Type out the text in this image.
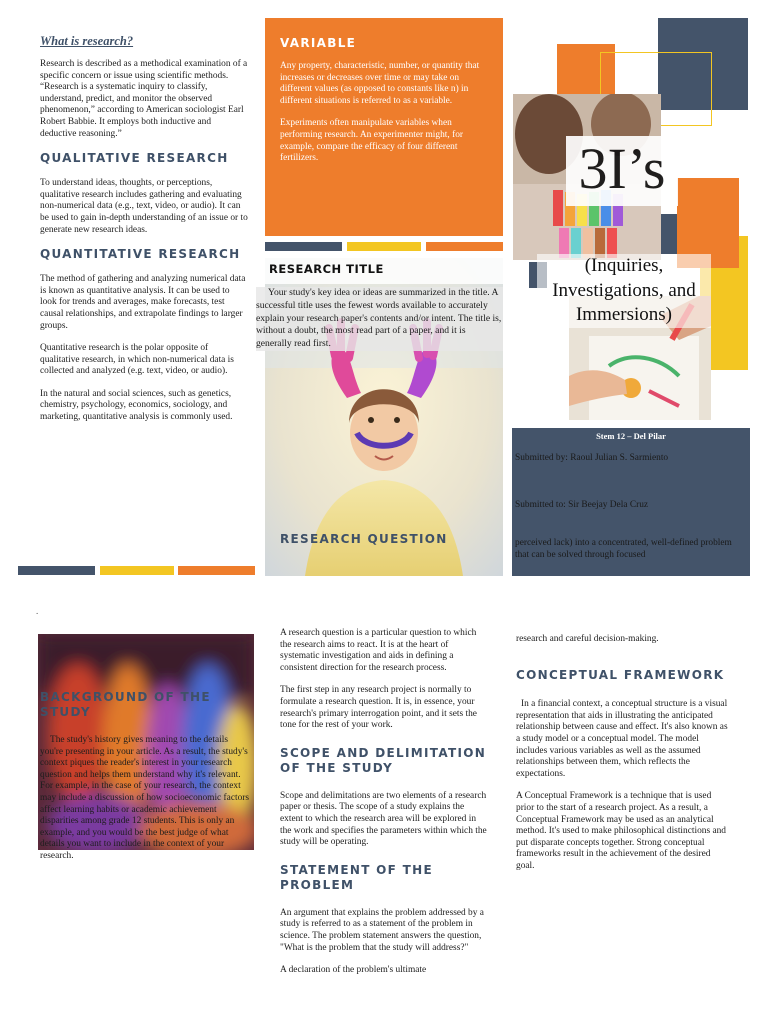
What is research?

Research is described as a methodical examination of a specific concern or issue using scientific methods. “Research is a systematic inquiry to classify, understand, predict, and monitor the observed phenomenon,” according to American sociologist Earl Robert Babbie. It employs both inductive and deductive reasoning.”

QUALITATIVE RESEARCH

To understand ideas, thoughts, or perceptions, qualitative research includes gathering and evaluating non-numerical data (e.g., text, video, or audio). It can be used to gain in-depth understanding of an issue or to generate new research ideas.

QUANTITATIVE RESEARCH

The method of gathering and analyzing numerical data is known as quantitative analysis. It can be used to look for trends and averages, make forecasts, test causal relationships, and extrapolate findings to larger groups.

Quantitative research is the polar opposite of qualitative research, in which non-numerical data is collected and analyzed (e.g. text, video, or audio).

In the natural and social sciences, such as genetics, chemistry, psychology, economics, sociology, and marketing, quantitative analysis is commonly used.

VARIABLE

Any property, characteristic, number, or quantity that increases or decreases over time or may take on different values (as opposed to constants like n) in different situations is referred to as a variable.

Experiments often manipulate variables when performing research. An experimenter might, for example, compare the efficacy of four different fertilizers.

RESEARCH TITLE

Your study's key idea or ideas are summarized in the title. A successful title uses the fewest words available to accurately explain your research paper's contents and/or intent. The title is, without a doubt, the most read part of a paper, and it is generally read first.

RESEARCH QUESTION
3I’s
(Inquiries, Investigations, and Immersions)
Stem 12 – Del Pilar
Submitted by: Raoul Julian S. Sarmiento
Submitted to: Sir Beejay Dela Cruz
perceived lack) into a concentrated, well-defined problem that can be solved through focused
.
BACKGROUND OF THE STUDY
The study's history gives meaning to the details you're presenting in your article. As a result, the study's context piques the reader's interest in your research question and helps them understand why it's relevant. For example, in the case of your research, the context may include a discussion of how socioeconomic factors affect learning habits or academic achievement disparities among grade 12 students. This is only an example, and you would be the best judge of what details you want to include in the context of your research.

A research question is a particular question to which the research aims to react. It is at the heart of systematic investigation and aids in defining a consistent direction for the research process.

The first step in any research project is normally to formulate a research question. It is, in essence, your research's primary interrogation point, and it sets the tone for the rest of your work.

SCOPE AND DELIMITATION OF THE STUDY

Scope and delimitations are two elements of a research paper or thesis. The scope of a study explains the extent to which the research area will be explored in the work and specifies the parameters within which the study will be operating.

STATEMENT OF THE PROBLEM

An argument that explains the problem addressed by a study is referred to as a statement of the problem in science. The problem statement answers the question, "What is the problem that the study will address?"

A declaration of the problem's ultimate

research and careful decision-making.

CONCEPTUAL FRAMEWORK

In a financial context, a conceptual structure is a visual representation that aids in illustrating the anticipated relationship between cause and effect. It's also known as a study model or a conceptual model. The model includes various variables as well as the assumed relationships between them, which reflects the expectations.

A Conceptual Framework is a technique that is used prior to the start of a research project. As a result, a Conceptual Framework may be used as an analytical method. It's used to make philosophical distinctions and put disparate concepts together. Strong conceptual frameworks result in the achievement of the desired goal.
